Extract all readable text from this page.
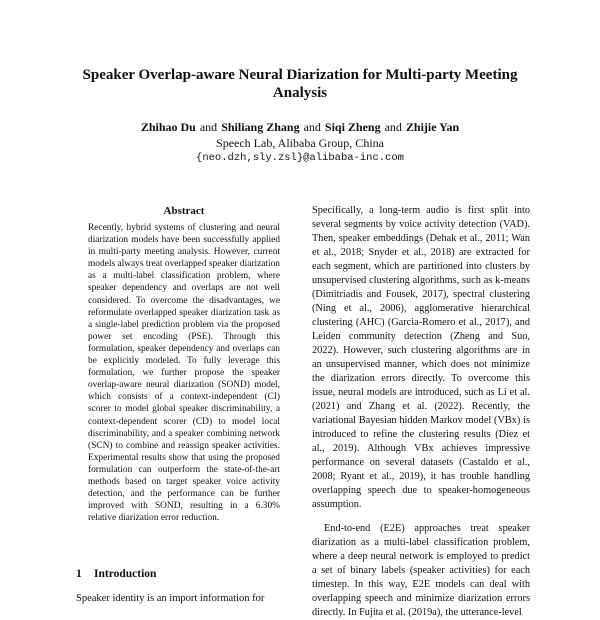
Speaker Overlap-aware Neural Diarization for Multi-party Meeting Analysis
Zhihao Du and Shiliang Zhang and Siqi Zheng and Zhijie Yan
Speech Lab, Alibaba Group, China
{neo.dzh,sly.zsl}@alibaba-inc.com
Abstract

Recently, hybrid systems of clustering and neural diarization models have been successfully applied in multi-party meeting analysis. However, current models always treat overlapped speaker diarization as a multi-label classification problem, where speaker dependency and overlaps are not well considered. To overcome the disadvantages, we reformulate overlapped speaker diarization task as a single-label prediction problem via the proposed power set encoding (PSE). Through this formulation, speaker dependency and overlaps can be explicitly modeled. To fully leverage this formulation, we further propose the speaker overlap-aware neural diarization (SOND) model, which consists of a context-independent (CI) scorer to model global speaker discriminability, a context-dependent scorer (CD) to model local discriminability, and a speaker combining network (SCN) to combine and reassign speaker activities. Experimental results show that using the proposed formulation can outperform the state-of-the-art methods based on target speaker voice activity detection, and the performance can be further improved with SOND, resulting in a 6.30% relative diarization error reduction.

1 Introduction
Speaker identity is an import information for

Specifically, a long-term audio is first split into several segments by voice activity detection (VAD). Then, speaker embeddings (Dehak et al., 2011; Wan et al., 2018; Snyder et al., 2018) are extracted for each segment, which are partitioned into clusters by unsupervised clustering algorithms, such as k-means (Dimitriadis and Fousek, 2017), spectral clustering (Ning et al., 2006), agglomerative hierarchical clustering (AHC) (Garcia-Romero et al., 2017), and Leiden community detection (Zheng and Suo, 2022). However, such clustering algorithms are in an unsupervised manner, which does not minimize the diarization errors directly. To overcome this issue, neural models are introduced, such as Li et al. (2021) and Zhang et al. (2022). Recently, the variational Bayesian hidden Markov model (VBx) is introduced to refine the clustering results (Díez et al., 2019). Although VBx achieves impressive performance on several datasets (Castaldo et al., 2008; Ryant et al., 2019), it has trouble handling overlapping speech due to speaker-homogeneous assumption.

End-to-end (E2E) approaches treat speaker diarization as a multi-label classification problem, where a deep neural network is employed to predict a set of binary labels (speaker activities) for each timestep. In this way, E2E models can deal with overlapping speech and minimize diarization errors directly. In Fujita et al. (2019a), the utterance-level
